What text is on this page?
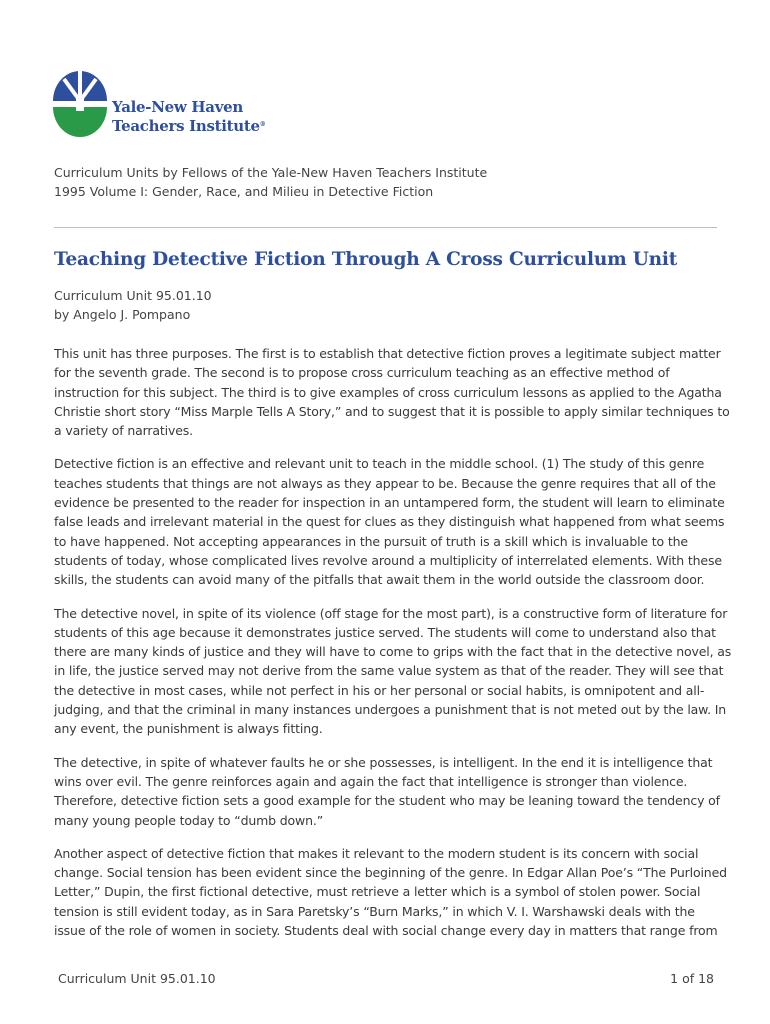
Yale-New Haven
Teachers Institute®
Curriculum Units by Fellows of the Yale-New Haven Teachers Institute
1995 Volume I: Gender, Race, and Milieu in Detective Fiction
Teaching Detective Fiction Through A Cross Curriculum Unit
Curriculum Unit 95.01.10
by Angelo J. Pompano

This unit has three purposes. The first is to establish that detective fiction proves a legitimate subject matter
for the seventh grade. The second is to propose cross curriculum teaching as an effective method of
instruction for this subject. The third is to give examples of cross curriculum lessons as applied to the Agatha
Christie short story “Miss Marple Tells A Story,” and to suggest that it is possible to apply similar techniques to
a variety of narratives.

Detective fiction is an effective and relevant unit to teach in the middle school. (1) The study of this genre
teaches students that things are not always as they appear to be. Because the genre requires that all of the
evidence be presented to the reader for inspection in an untampered form, the student will learn to eliminate
false leads and irrelevant material in the quest for clues as they distinguish what happened from what seems
to have happened. Not accepting appearances in the pursuit of truth is a skill which is invaluable to the
students of today, whose complicated lives revolve around a multiplicity of interrelated elements. With these
skills, the students can avoid many of the pitfalls that await them in the world outside the classroom door.

The detective novel, in spite of its violence (off stage for the most part), is a constructive form of literature for
students of this age because it demonstrates justice served. The students will come to understand also that
there are many kinds of justice and they will have to come to grips with the fact that in the detective novel, as
in life, the justice served may not derive from the same value system as that of the reader. They will see that
the detective in most cases, while not perfect in his or her personal or social habits, is omnipotent and all-
judging, and that the criminal in many instances undergoes a punishment that is not meted out by the law. In
any event, the punishment is always fitting.

The detective, in spite of whatever faults he or she possesses, is intelligent. In the end it is intelligence that
wins over evil. The genre reinforces again and again the fact that intelligence is stronger than violence.
Therefore, detective fiction sets a good example for the student who may be leaning toward the tendency of
many young people today to “dumb down.”

Another aspect of detective fiction that makes it relevant to the modern student is its concern with social
change. Social tension has been evident since the beginning of the genre. In Edgar Allan Poe’s “The Purloined
Letter,” Dupin, the first fictional detective, must retrieve a letter which is a symbol of stolen power. Social
tension is still evident today, as in Sara Paretsky’s “Burn Marks,” in which V. I. Warshawski deals with the
issue of the role of women in society. Students deal with social change every day in matters that range from

Curriculum Unit 95.01.10	1 of 18
